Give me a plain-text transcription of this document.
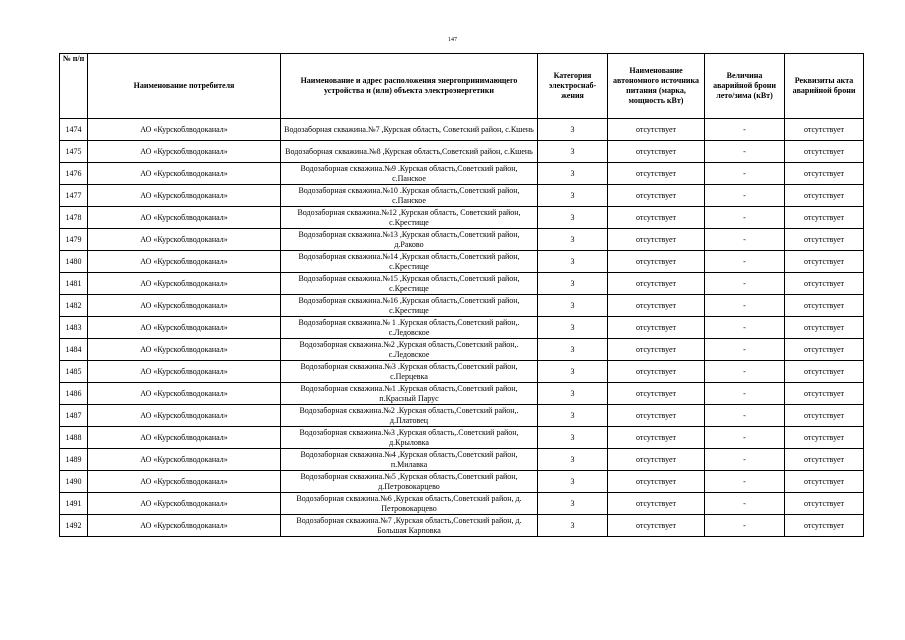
147
№ п/п	Наименование потребителя	Наименование и адрес расположения энергопринимающего устройства и (или) объекта электроэнергетики	Категория электроснаб-жения	Наименование автономного источника питания (марка, мощность кВт)	Величина аварийной брони лето/зима (кВт)	Реквизиты акта аварийной брони
1474	АО «Курскоблводоканал»	Водозаборная скважина.№7 ,Курская область, Советский район, с.Кшень	3	отсутствует	-	отсутствует
1475	АО «Курскоблводоканал»	Водозаборная скважина.№8 ,Курская область,Советский район, с.Кшень	3	отсутствует	-	отсутствует
1476	АО «Курскоблводоканал»	Водозаборная скважина.№9 .Курская область,Советский район, с.Панское	3	отсутствует	-	отсутствует
1477	АО «Курскоблводоканал»	Водозаборная скважина.№10 .Курская область,Советский район, с.Панское	3	отсутствует	-	отсутствует
1478	АО «Курскоблводоканал»	Водозаборная скважина.№12 ,Курская область, Советский район, с.Крестище	3	отсутствует	-	отсутствует
1479	АО «Курскоблводоканал»	Водозаборная скважина.№13 ,Курская область,Советский район, д.Раково	3	отсутствует	-	отсутствует
1480	АО «Курскоблводоканал»	Водозаборная скважина.№14 ,Курская область,Советский район, с.Крестище	3	отсутствует	-	отсутствует
1481	АО «Курскоблводоканал»	Водозаборная скважина.№15 ,Курская область,Советский район, с.Крестище	3	отсутствует	-	отсутствует
1482	АО «Курскоблводоканал»	Водозаборная скважина.№16 ,Курская область,Советский район, с.Крестище	3	отсутствует	-	отсутствует
1483	АО «Курскоблводоканал»	Водозаборная скважина.№ 1 .Курская область,Советский район,. с.Ледовское	3	отсутствует	-	отсутствует
1484	АО «Курскоблводоканал»	Водозаборная скважина.№2 ,Курская область,Советский район,. с.Ледовское	3	отсутствует	-	отсутствует
1485	АО «Курскоблводоканал»	Водозаборная скважина.№3 .Курская область,Советский район, с.Перцевка	3	отсутствует	-	отсутствует
1486	АО «Курскоблводоканал»	Водозаборная скважина.№1 .Курская область,Советский район, п.Красный Парус	3	отсутствует	-	отсутствует
1487	АО «Курскоблводоканал»	Водозаборная скважина.№2 .Курская область,Советский район,. д.Платовец	3	отсутствует	-	отсутствует
1488	АО «Курскоблводоканал»	Водозаборная скважина.№3 ,Курская область,.Советский район, д.Крыловка	3	отсутствует	-	отсутствует
1489	АО «Курскоблводоканал»	Водозаборная скважина.№4 ,Курская область,Советский район, п.Милавка	3	отсутствует	-	отсутствует
1490	АО «Курскоблводоканал»	Водозаборная скважина.№5 ,Курская область,Советский район, д.Петровокарцево	3	отсутствует	-	отсутствует
1491	АО «Курскоблводоканал»	Водозаборная скважина.№6 ,Курская область,Советский район, д. Петровокарцево	3	отсутствует	-	отсутствует
1492	АО «Курскоблводоканал»	Водозаборная скважина.№7 ,Курская область,Советский район, д. Большая Карповка	3	отсутствует	-	отсутствует
